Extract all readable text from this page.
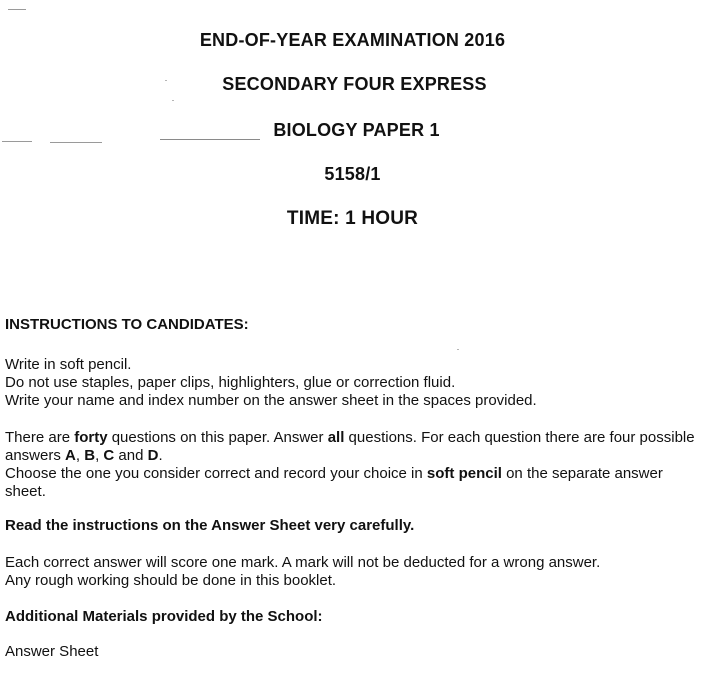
END-OF-YEAR EXAMINATION 2016
SECONDARY FOUR EXPRESS
BIOLOGY PAPER 1
5158/1
TIME: 1 HOUR
INSTRUCTIONS TO CANDIDATES:
Write in soft pencil.
Do not use staples, paper clips, highlighters, glue or correction fluid.
Write your name and index number on the answer sheet in the spaces provided.
There are forty questions on this paper. Answer all questions. For each question there are four possible answers A, B, C and D.
Choose the one you consider correct and record your choice in soft pencil on the separate answer sheet.
Read the instructions on the Answer Sheet very carefully.
Each correct answer will score one mark. A mark will not be deducted for a wrong answer.
Any rough working should be done in this booklet.
Additional Materials provided by the School:
Answer Sheet
